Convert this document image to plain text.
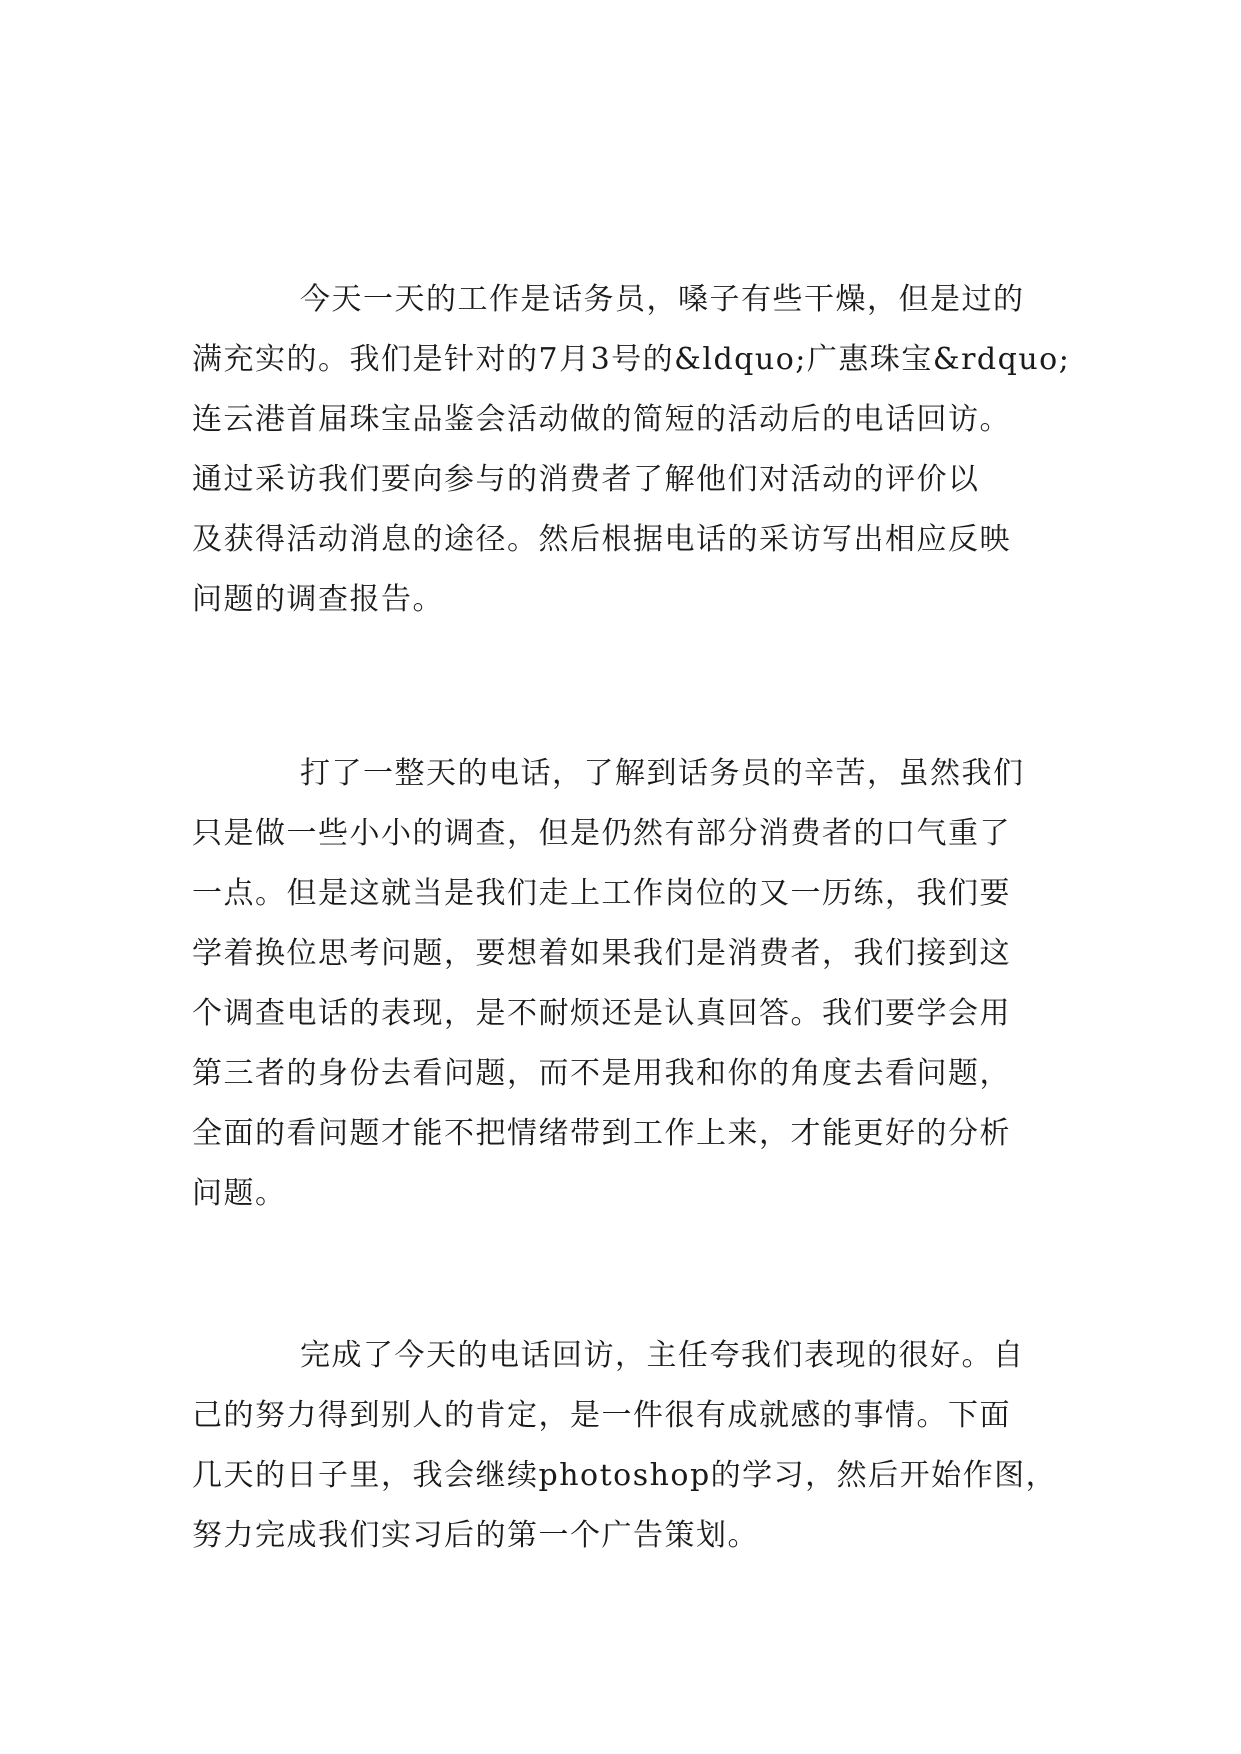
今天一天的工作是话务员，嗓子有些干燥，但是过的
满充实的。我们是针对的7月3号的&ldquo;广惠珠宝&rdquo;
连云港首届珠宝品鉴会活动做的简短的活动后的电话回访。
通过采访我们要向参与的消费者了解他们对活动的评价以
及获得活动消息的途径。然后根据电话的采访写出相应反映
问题的调查报告。
打了一整天的电话，了解到话务员的辛苦，虽然我们
只是做一些小小的调查，但是仍然有部分消费者的口气重了
一点。但是这就当是我们走上工作岗位的又一历练，我们要
学着换位思考问题，要想着如果我们是消费者，我们接到这
个调查电话的表现，是不耐烦还是认真回答。我们要学会用
第三者的身份去看问题，而不是用我和你的角度去看问题，
全面的看问题才能不把情绪带到工作上来，才能更好的分析
问题。
完成了今天的电话回访，主任夸我们表现的很好。自
己的努力得到别人的肯定，是一件很有成就感的事情。下面
几天的日子里，我会继续photoshop的学习，然后开始作图，
努力完成我们实习后的第一个广告策划。
